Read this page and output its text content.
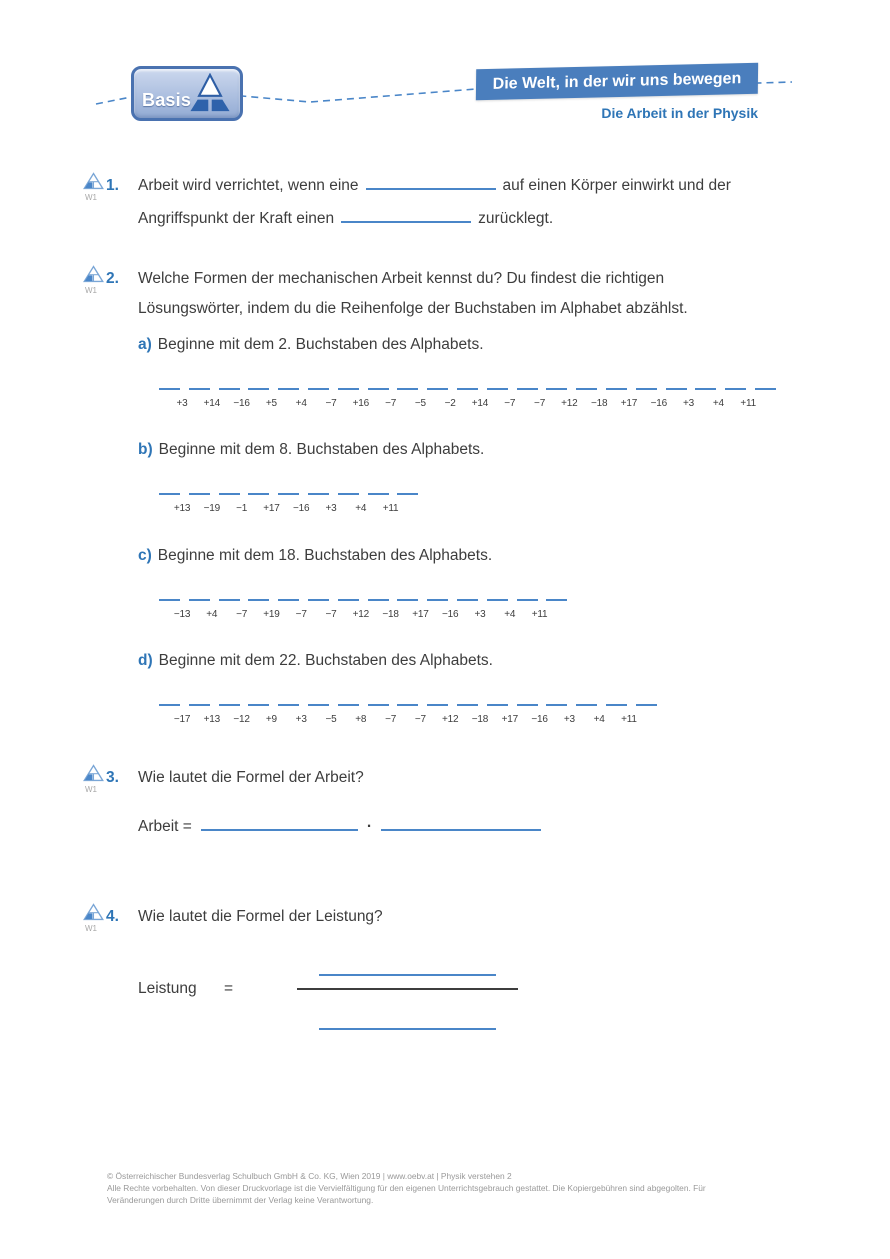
Basis
Die Welt, in der wir uns bewegen
Die Arbeit in der Physik
W1
1. Arbeit wird verrichtet, wenn eine	auf einen Körper einwirkt und der
Angriffspunkt der Kraft einen	zurücklegt.
W1
2. Welche Formen der mechanischen Arbeit kennst du? Du findest die richtigen
Lösungswörter, indem du die Reihenfolge der Buchstaben im Alphabet abzählst.
a) Beginne mit dem 2. Buchstaben des Alphabets.
+3 +14 −16 +5 +4 −7 +16 −7 −5 −2 +14 −7 −7 +12 −18 +17 −16 +3 +4 +11
b) Beginne mit dem 8. Buchstaben des Alphabets.
+13 −19 −1 +17 −16 +3 +4 +11
c) Beginne mit dem 18. Buchstaben des Alphabets.
−13 +4 −7 +19 −7 −7 +12 −18 +17 −16 +3 +4 +11
d) Beginne mit dem 22. Buchstaben des Alphabets.
−17 +13 −12 +9 +3 −5 +8 −7 −7 +12 −18 +17 −16 +3 +4 +11
W1
3. Wie lautet die Formel der Arbeit?
Arbeit =	·
W1
4. Wie lautet die Formel der Leistung?
Leistung =
© Österreichischer Bundesverlag Schulbuch GmbH & Co. KG, Wien 2019 | www.oebv.at | Physik verstehen 2
Alle Rechte vorbehalten. Von dieser Druckvorlage ist die Vervielfältigung für den eigenen Unterrichtsgebrauch gestattet. Die Kopiergebühren sind abgegolten. Für Veränderungen durch Dritte übernimmt der Verlag keine Verantwortung.
